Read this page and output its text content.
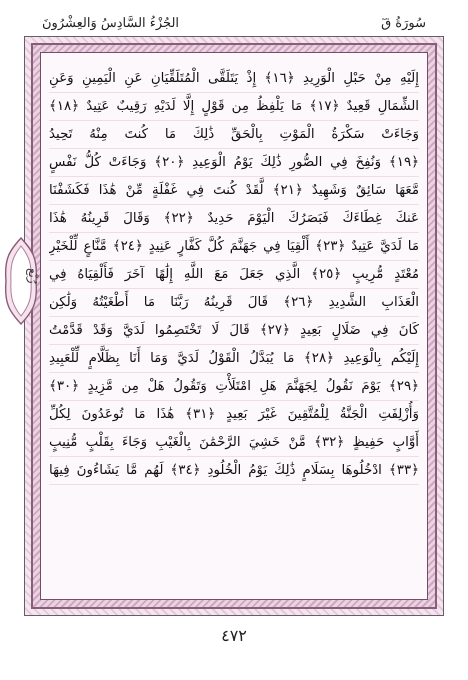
الجُزْءُ السَّادِسُ وَالعِشْرُونَ	سُورَةُ قٓ
إِلَيْهِ مِنْ حَبْلِ الْوَرِيدِ ﴿١٦﴾ إِذْ يَتَلَقَّى الْمُتَلَقِّيَانِ عَنِ الْيَمِينِ وَعَنِ
الشِّمَالِ قَعِيدٌ ﴿١٧﴾ مَا يَلْفِظُ مِن قَوْلٍ إِلَّا لَدَيْهِ رَقِيبٌ عَتِيدٌ ﴿١٨﴾
وَجَاءَتْ سَكْرَةُ الْمَوْتِ بِالْحَقِّ ذَٰلِكَ مَا كُنتَ مِنْهُ تَحِيدُ
﴿١٩﴾ وَنُفِخَ فِي الصُّورِ ذَٰلِكَ يَوْمُ الْوَعِيدِ ﴿٢٠﴾ وَجَاءَتْ كُلُّ نَفْسٍ
مَّعَهَا سَائِقٌ وَشَهِيدٌ ﴿٢١﴾ لَّقَدْ كُنتَ فِي غَفْلَةٍ مِّنْ هَٰذَا فَكَشَفْنَا
عَنكَ غِطَاءَكَ فَبَصَرُكَ الْيَوْمَ حَدِيدٌ ﴿٢٢﴾ وَقَالَ قَرِينُهُ هَٰذَا
مَا لَدَيَّ عَتِيدٌ ﴿٢٣﴾ أَلْقِيَا فِي جَهَنَّمَ كُلَّ كَفَّارٍ عَنِيدٍ ﴿٢٤﴾ مَّنَّاعٍ لِّلْخَيْرِ
مُعْتَدٍ مُّرِيبٍ ﴿٢٥﴾ الَّذِي جَعَلَ مَعَ اللَّهِ إِلَٰهًا آخَرَ فَأَلْقِيَاهُ فِي
الْعَذَابِ الشَّدِيدِ ﴿٢٦﴾ قَالَ قَرِينُهُ رَبَّنَا مَا أَطْغَيْتُهُ وَلَٰكِن
كَانَ فِي ضَلَالٍ بَعِيدٍ ﴿٢٧﴾ قَالَ لَا تَخْتَصِمُوا لَدَيَّ وَقَدْ قَدَّمْتُ
إِلَيْكُم بِالْوَعِيدِ ﴿٢٨﴾ مَا يُبَدَّلُ الْقَوْلُ لَدَيَّ وَمَا أَنَا بِظَلَّامٍ لِّلْعَبِيدِ
﴿٢٩﴾ يَوْمَ نَقُولُ لِجَهَنَّمَ هَلِ امْتَلَأْتِ وَتَقُولُ هَلْ مِن مَّزِيدٍ ﴿٣٠﴾
وَأُزْلِفَتِ الْجَنَّةُ لِلْمُتَّقِينَ غَيْرَ بَعِيدٍ ﴿٣١﴾ هَٰذَا مَا تُوعَدُونَ لِكُلِّ
أَوَّابٍ حَفِيظٍ ﴿٣٢﴾ مَّنْ خَشِيَ الرَّحْمَٰنَ بِالْغَيْبِ وَجَاءَ بِقَلْبٍ مُّنِيبٍ
﴿٣٣﴾ ادْخُلُوهَا بِسَلَامٍ ذَٰلِكَ يَوْمُ الْخُلُودِ ﴿٣٤﴾ لَهُم مَّا يَشَاءُونَ فِيهَا
رُبْع
٤٧٢
